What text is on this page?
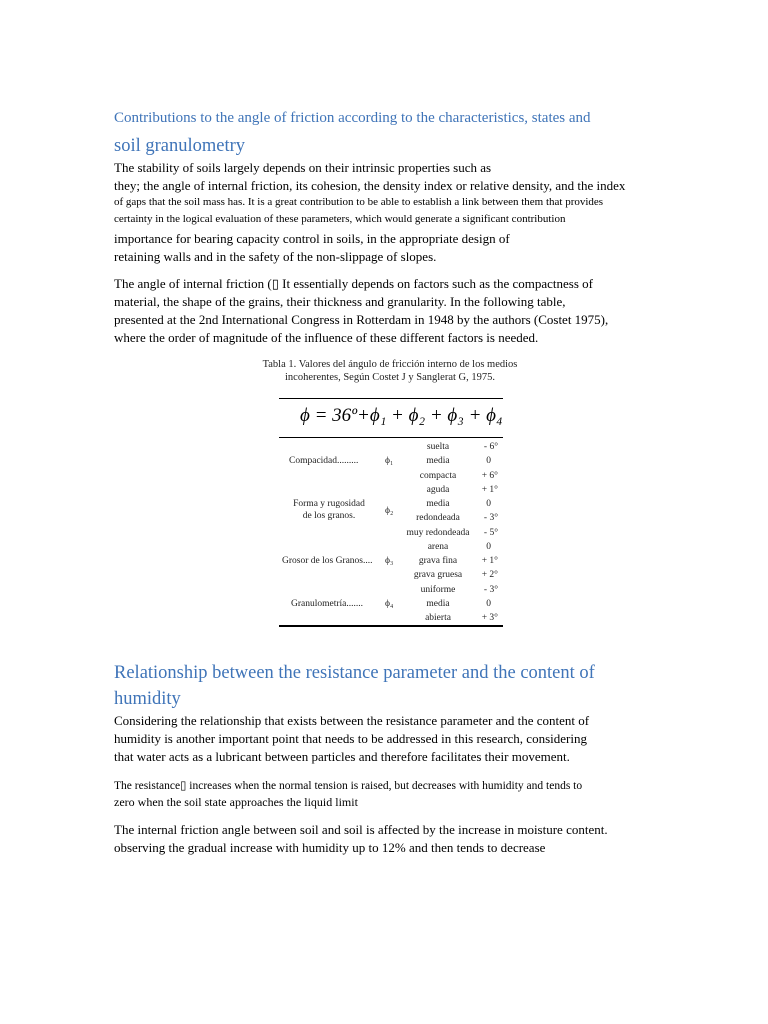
Contributions to the angle of friction according to the characteristics, states and
soil granulometry
The stability of soils largely depends on their intrinsic properties such as
they; the angle of internal friction, its cohesion, the density index or relative density, and the index
of gaps that the soil mass has. It is a great contribution to be able to establish a link between them that provides
certainty in the logical evaluation of these parameters, which would generate a significant contribution
importance for bearing capacity control in soils, in the appropriate design of
retaining walls and in the safety of the non-slippage of slopes.
The angle of internal friction (▯ It essentially depends on factors such as the compactness of
material, the shape of the grains, their thickness and granularity. In the following table,
presented at the 2nd International Congress in Rotterdam in 1948 by the authors (Costet 1975),
where the order of magnitude of the influence of these different factors is needed.
Tabla 1. Valores del ángulo de fricción interno de los medios
incoherentes, Según Costet J y Sanglerat G, 1975.
ϕ = 36º+ϕ₁ + ϕ₂ + ϕ₃ + ϕ₄
Compacidad.........	ϕ₁
suelta	- 6°
media	0
compacta	+ 6°
Forma y rugosidad
de los granos.	ϕ₂
aguda	+ 1°
media	0
redondeada	- 3°
muy redondeada	- 5°
Grosor de los Granos.... ϕ₃
arena	0
grava fina	+ 1°
grava gruesa	+ 2°
Granulometría....... ϕ₄
uniforme	- 3°
media	0
abierta	+ 3°
Relationship between the resistance parameter and the content of
humidity
Considering the relationship that exists between the resistance parameter and the content of
humidity is another important point that needs to be addressed in this research, considering
that water acts as a lubricant between particles and therefore facilitates their movement.
The resistance▯ increases when the normal tension is raised, but decreases with humidity and tends to
zero when the soil state approaches the liquid limit
The internal friction angle between soil and soil is affected by the increase in moisture content.
observing the gradual increase with humidity up to 12% and then tends to decrease
